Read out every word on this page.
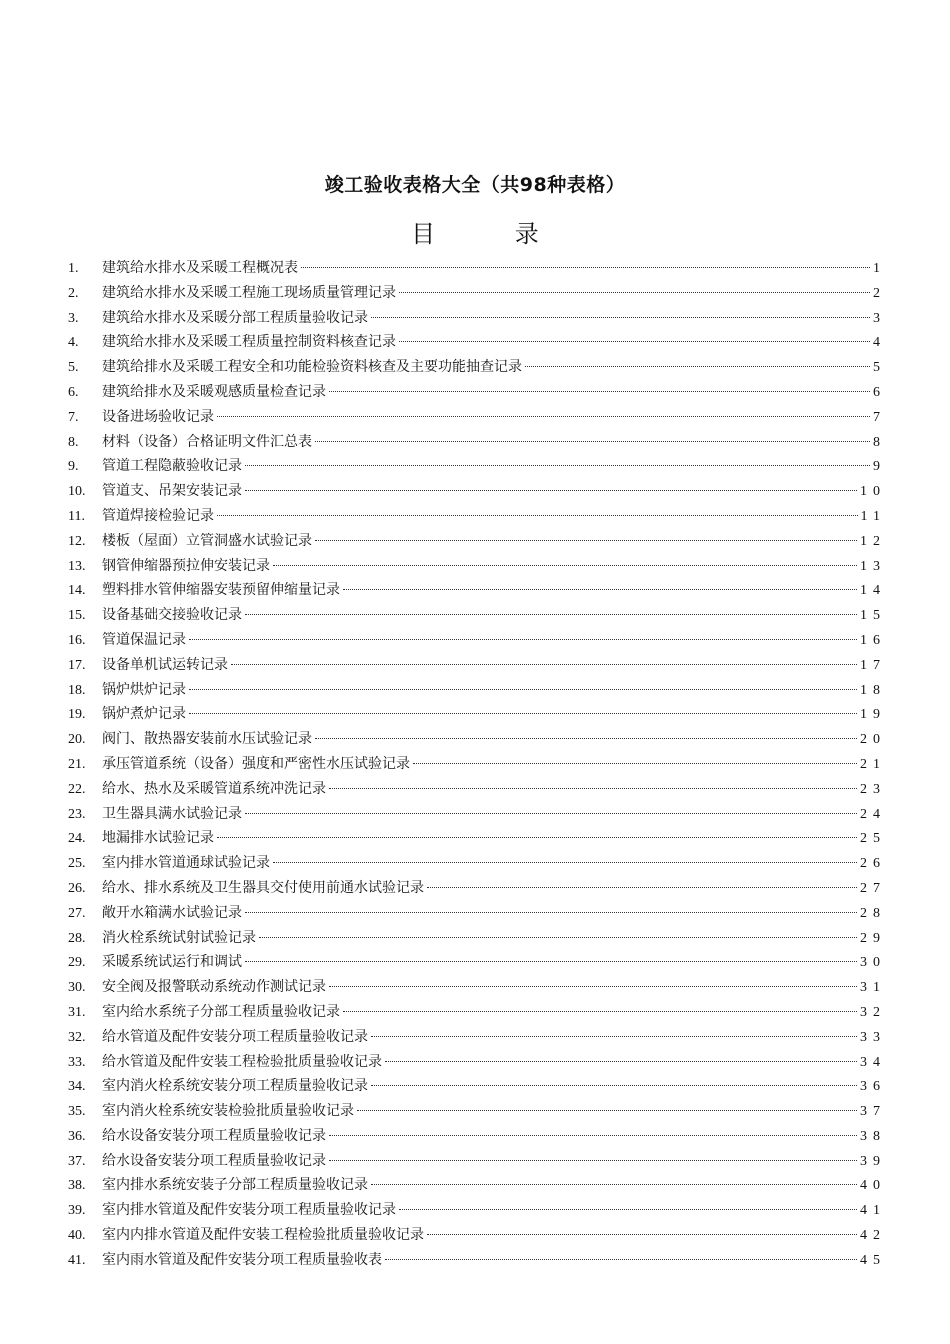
竣工验收表格大全（共98种表格）
目 录
1.	建筑给水排水及采暖工程概况表	1
2.	建筑给水排水及采暖工程施工现场质量管理记录	2
3.	建筑给水排水及采暖分部工程质量验收记录	3
4.	建筑给水排水及采暖工程质量控制资料核查记录	4
5.	建筑给排水及采暖工程安全和功能检验资料核查及主要功能抽查记录	5
6.	建筑给排水及采暖观感质量检查记录	6
7.	设备进场验收记录	7
8.	材料（设备）合格证明文件汇总表	8
9.	管道工程隐蔽验收记录	9
10.	管道支、吊架安装记录	10
11.	管道焊接检验记录	11
12.	楼板（屋面）立管洞盛水试验记录	12
13.	钢管伸缩器预拉伸安装记录	13
14.	塑料排水管伸缩器安装预留伸缩量记录	14
15.	设备基础交接验收记录	15
16.	管道保温记录	16
17.	设备单机试运转记录	17
18.	锅炉烘炉记录	18
19.	锅炉煮炉记录	19
20.	阀门、散热器安装前水压试验记录	20
21.	承压管道系统（设备）强度和严密性水压试验记录	21
22.	给水、热水及采暖管道系统冲洗记录	23
23.	卫生器具满水试验记录	24
24.	地漏排水试验记录	25
25.	室内排水管道通球试验记录	26
26.	给水、排水系统及卫生器具交付使用前通水试验记录	27
27.	敞开水箱满水试验记录	28
28.	消火栓系统试射试验记录	29
29.	采暖系统试运行和调试	30
30.	安全阀及报警联动系统动作测试记录	31
31.	室内给水系统子分部工程质量验收记录	32
32.	给水管道及配件安装分项工程质量验收记录	33
33.	给水管道及配件安装工程检验批质量验收记录	34
34.	室内消火栓系统安装分项工程质量验收记录	36
35.	室内消火栓系统安装检验批质量验收记录	37
36.	给水设备安装分项工程质量验收记录	38
37.	给水设备安装分项工程质量验收记录	39
38.	室内排水系统安装子分部工程质量验收记录	40
39.	室内排水管道及配件安装分项工程质量验收记录	41
40.	室内内排水管道及配件安装工程检验批质量验收记录	42
41.	室内雨水管道及配件安装分项工程质量验收表	45
